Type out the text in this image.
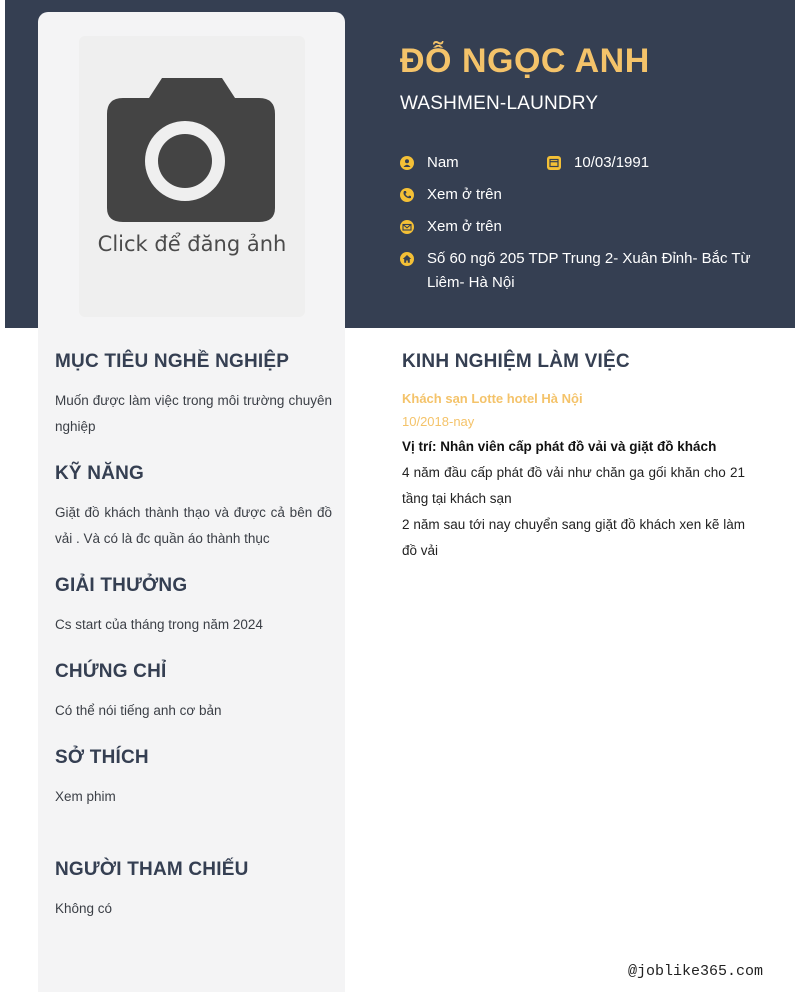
Click để đăng ảnh
ĐỖ NGỌC ANH
WASHMEN-LAUNDRY
Nam	10/03/1991
Xem ở trên
Xem ở trên
Số 60 ngõ 205 TDP Trung 2- Xuân Đỉnh- Bắc Từ Liêm- Hà Nội
MỤC TIÊU NGHỀ NGHIỆP
Muốn được làm việc trong môi trường chuyên nghiệp
KỸ NĂNG
Giặt đồ khách thành thạo và được cả bên đồ vải . Và có là đc quần áo thành thục
GIẢI THƯỞNG
Cs start của tháng trong năm 2024
CHỨNG CHỈ
Có thể nói tiếng anh cơ bản
SỞ THÍCH
Xem phim
NGƯỜI THAM CHIẾU
Không có
KINH NGHIỆM LÀM VIỆC
Khách sạn Lotte hotel Hà Nội
10/2018-nay
Vị trí: Nhân viên cấp phát đồ vải và giặt đồ khách

4 năm đầu cấp phát đồ vải như chăn ga gối khăn cho 21 tầng tại khách sạn

2 năm sau tới nay chuyển sang giặt đồ khách xen kẽ làm đồ vải

@joblike365.com
